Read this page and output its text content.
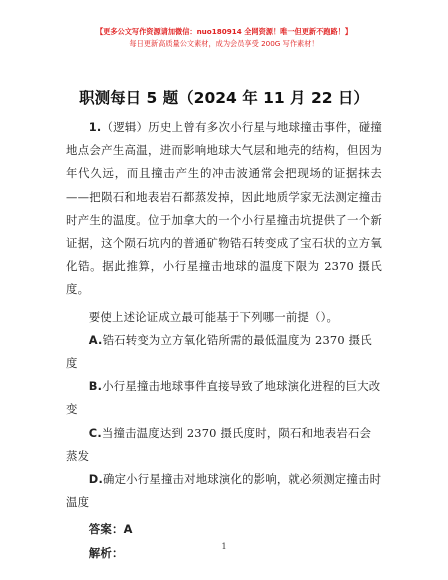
【更多公文写作资源请加微信：nuo180914 全网资源！唯一但更新不跑路！】
每日更新高质量公文素材，成为会员享受 200G 写作素材！
职测每日 5 题（2024 年 11 月 22 日）

1.（逻辑）历史上曾有多次小行星与地球撞击事件，碰撞地点会产生高温，进而影响地球大气层和地壳的结构，但因为年代久远，而且撞击产生的冲击波通常会把现场的证据抹去——把陨石和地表岩石都蒸发掉，因此地质学家无法测定撞击时产生的温度。位于加拿大的一个小行星撞击坑提供了一个新证据，这个陨石坑内的普通矿物锆石转变成了宝石状的立方氧化锆。据此推算，小行星撞击地球的温度下限为 2370 摄氏度。

要使上述论证成立最可能基于下列哪一前提（）。

A.锆石转变为立方氧化锆所需的最低温度为 2370 摄氏度

B.小行星撞击地球事件直接导致了地球演化进程的巨大改变

C.当撞击温度达到 2370 摄氏度时，陨石和地表岩石会蒸发

D.确定小行星撞击对地球演化的影响，就必须测定撞击时温度

答案：A

解析：	1
